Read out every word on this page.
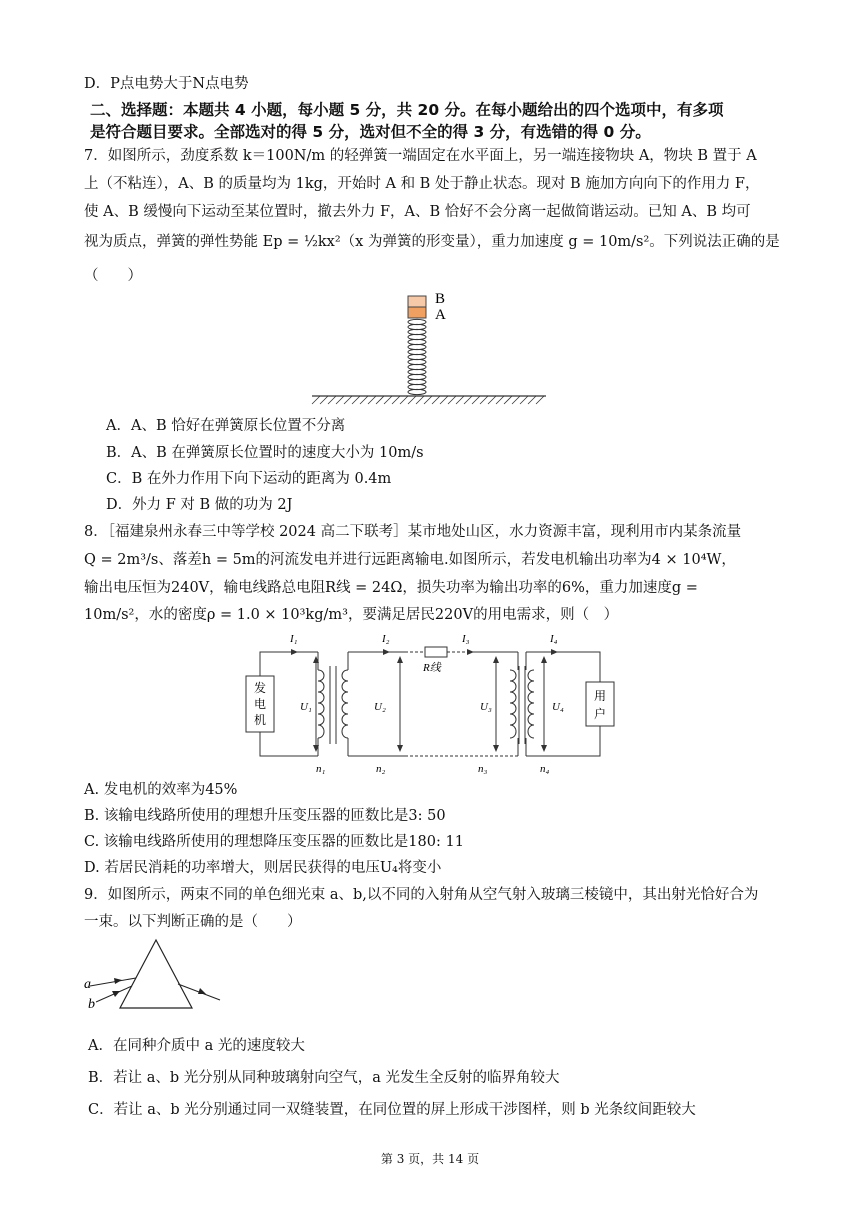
D．P点电势大于N点电势
二、选择题：本题共 4 小题，每小题 5 分，共 20 分。在每小题给出的四个选项中，有多项
是符合题目要求。全部选对的得 5 分，选对但不全的得 3 分，有选错的得 0 分。
7．如图所示，劲度系数 k＝100N/m 的轻弹簧一端固定在水平面上，另一端连接物块 A，物块 B 置于 A
上（不粘连），A、B 的质量均为 1kg，开始时 A 和 B 处于静止状态。现对 B 施加方向向下的作用力 F，
使 A、B 缓慢向下运动至某位置时，撤去外力 F，A、B 恰好不会分离一起做简谐运动。已知 A、B 均可
视为质点，弹簧的弹性势能 Ep = ½kx²（x 为弹簧的形变量），重力加速度 g = 10m/s²。下列说法正确的是
（　　）
B
A
A．A、B 恰好在弹簧原长位置不分离
B．A、B 在弹簧原长位置时的速度大小为 10m/s
C．B 在外力作用下向下运动的距离为 0.4m
D．外力 F 对 B 做的功为 2J
8．［福建泉州永春三中等学校 2024 高二下联考］某市地处山区，水力资源丰富，现利用市内某条流量
Q = 2m³/s、落差h = 5m的河流发电并进行远距离输电.如图所示，若发电机输出功率为4 × 10⁴W，
输出电压恒为240V，输电线路总电阻R线 = 24Ω，损失功率为输出功率的6%，重力加速度g =
10m/s²，水的密度ρ = 1.0 × 10³kg/m³，要满足居民220V的用电需求，则（　）
I₁	I₂	I₃	I₄
U₁	U₂	U₃	U₄
n₁	n₂	n₃	n₄
R线
发
电
机
用
户
A. 发电机的效率为45%
B. 该输电线路所使用的理想升压变压器的匝数比是3: 50
C. 该输电线路所使用的理想降压变压器的匝数比是180: 11
D. 若居民消耗的功率增大，则居民获得的电压U₄将变小
9．如图所示，两束不同的单色细光束 a、b,以不同的入射角从空气射入玻璃三棱镜中，其出射光恰好合为
一束。以下判断正确的是（　　）
a
b
A．在同种介质中 a 光的速度较大
B．若让 a、b 光分别从同种玻璃射向空气，a 光发生全反射的临界角较大
C．若让 a、b 光分别通过同一双缝装置，在同位置的屏上形成干涉图样，则 b 光条纹间距较大
第 3 页，共 14 页
